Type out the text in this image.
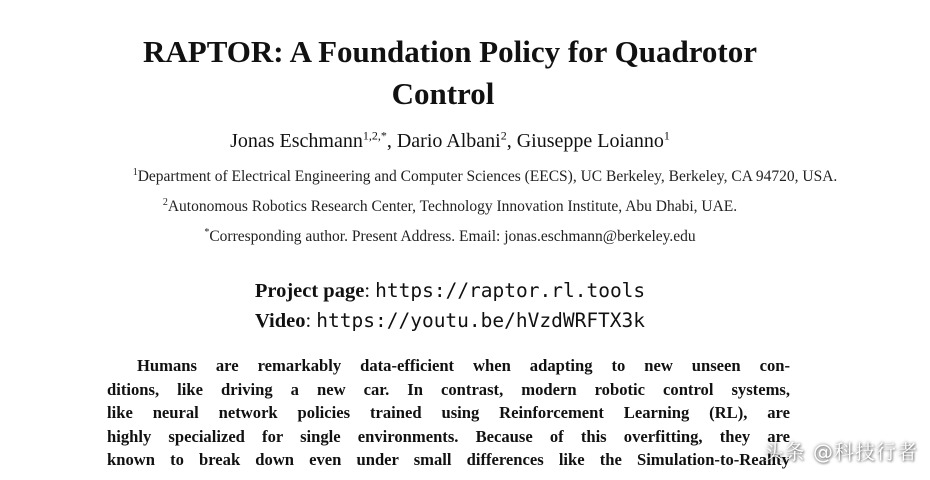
RAPTOR: A Foundation Policy for Quadrotor
Control
Jonas Eschmann$^{1,2,*}$, Dario Albani$^2$, Giuseppe Loianno$^1$
$^1$Department of Electrical Engineering and Computer Sciences (EECS), UC Berkeley, Berkeley, CA 94720, USA.
$^2$Autonomous Robotics Research Center, Technology Innovation Institute, Abu Dhabi, UAE.
*Corresponding author. Present Address. Email: jonas.eschmann@berkeley.edu
Project page: https://raptor.rl.tools
Video: https://youtu.be/hVzdWRFTX3k
Humans are remarkably data-efficient when adapting to new unseen con-
ditions, like driving a new car. In contrast, modern robotic control systems,
like neural network policies trained using Reinforcement Learning (RL), are
highly specialized for single environments. Because of this overfitting, they are
known to break down even under small differences like the Simulation-to-Reality
头条 @科技行者
